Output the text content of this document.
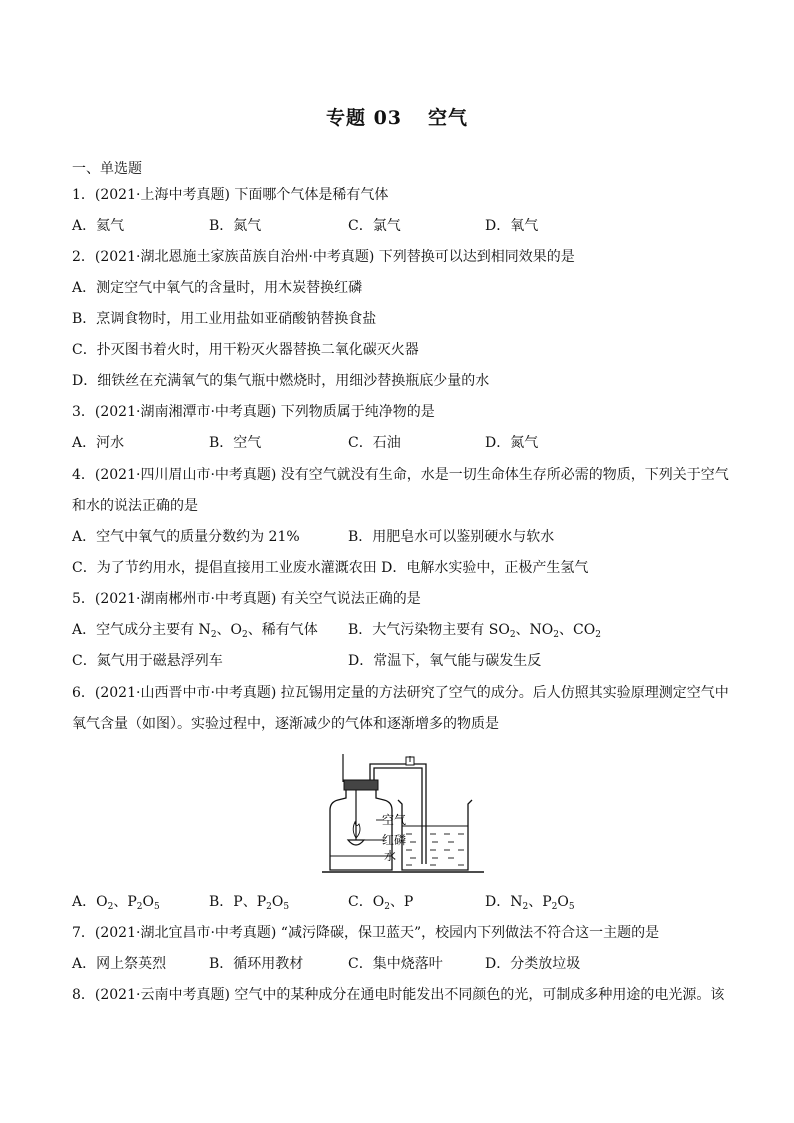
专题 03 空气
一、单选题
1．(2021·上海中考真题) 下面哪个气体是稀有气体
A．氦气	B．氮气	C．氯气	D．氧气
2．(2021·湖北恩施土家族苗族自治州·中考真题) 下列替换可以达到相同效果的是
A．测定空气中氧气的含量时，用木炭替换红磷
B．烹调食物时，用工业用盐如亚硝酸钠替换食盐
C．扑灭图书着火时，用干粉灭火器替换二氧化碳灭火器
D．细铁丝在充满氧气的集气瓶中燃烧时，用细沙替换瓶底少量的水
3．(2021·湖南湘潭市·中考真题) 下列物质属于纯净物的是
A．河水	B．空气	C．石油	D．氮气
4．(2021·四川眉山市·中考真题) 没有空气就没有生命，水是一切生命体生存所必需的物质，下列关于空气
和水的说法正确的是
A．空气中氧气的质量分数约为 21%	B．用肥皂水可以鉴别硬水与软水
C．为了节约用水，提倡直接用工业废水灌溉农田 D．电解水实验中，正极产生氢气
5．(2021·湖南郴州市·中考真题) 有关空气说法正确的是
A．空气成分主要有 $N_2$、$O_2$、稀有气体 B．大气污染物主要有 $SO_2$、$NO_2$、$CO_2$
C．氮气用于磁悬浮列车	D．常温下，氧气能与碳发生反
6．(2021·山西晋中市·中考真题) 拉瓦锡用定量的方法研究了空气的成分。后人仿照其实验原理测定空气中
氧气含量（如图）。实验过程中，逐渐减少的气体和逐渐增多的物质是
空气
红磷
水
A．$O_2$、$P_2O_5$	B．P、$P_2O_5$	C．$O_2$、P	D．$N_2$、$P_2O_5$
7．(2021·湖北宜昌市·中考真题) “减污降碳，保卫蓝天”，校园内下列做法不符合这一主题的是
A．网上祭英烈	B．循环用教材	C．集中烧落叶	D．分类放垃圾
8．(2021·云南中考真题) 空气中的某种成分在通电时能发出不同颜色的光，可制成多种用途的电光源。该
